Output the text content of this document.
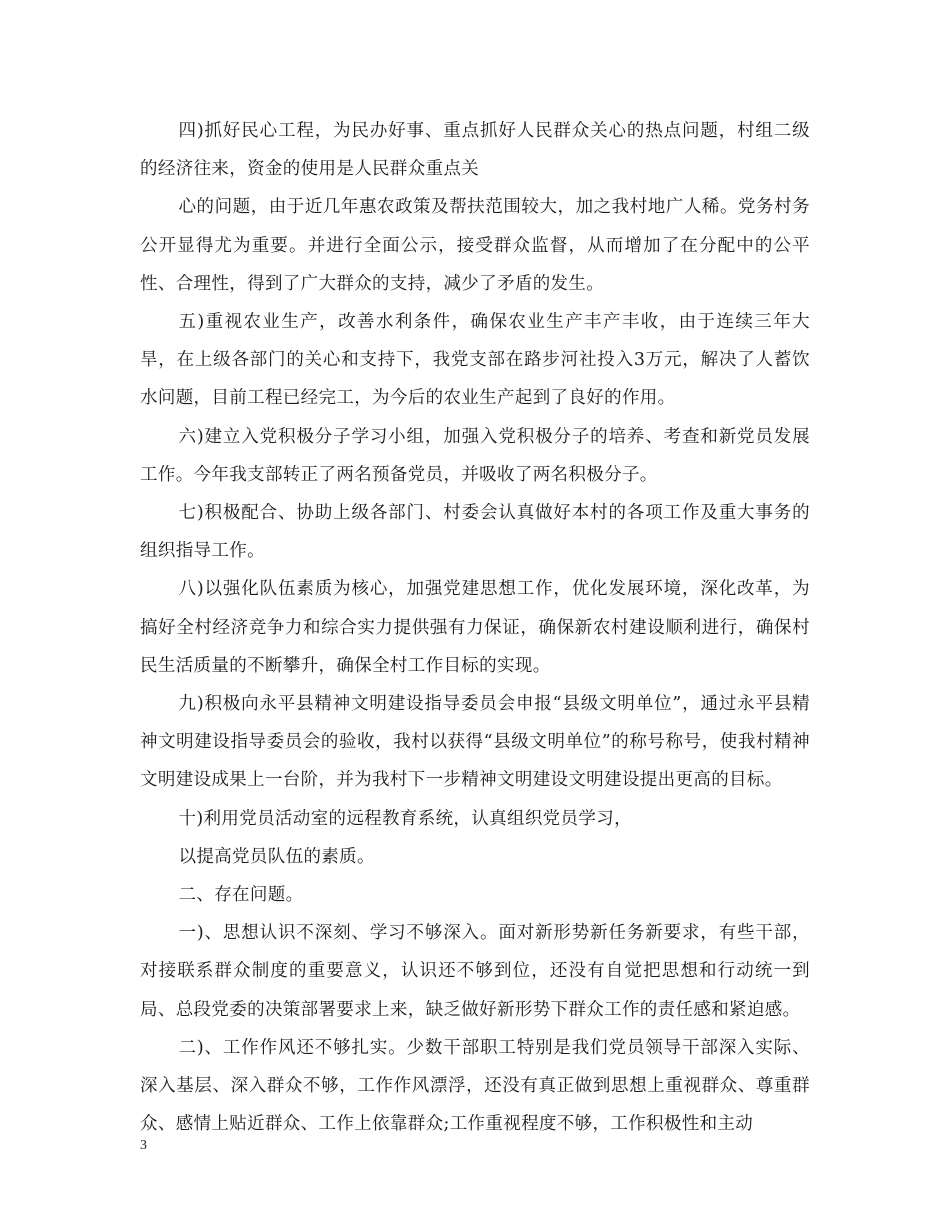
四)抓好民心工程，为民办好事、重点抓好人民群众关心的热点问题，村组二级的经济往来，资金的使用是人民群众重点关

心的问题，由于近几年惠农政策及帮扶范围较大，加之我村地广人稀。党务村务公开显得尤为重要。并进行全面公示，接受群众监督，从而增加了在分配中的公平性、合理性，得到了广大群众的支持，减少了矛盾的发生。

五)重视农业生产，改善水利条件，确保农业生产丰产丰收，由于连续三年大旱，在上级各部门的关心和支持下，我党支部在路步河社投入3万元，解决了人蓄饮水问题，目前工程已经完工，为今后的农业生产起到了良好的作用。

六)建立入党积极分子学习小组，加强入党积极分子的培养、考查和新党员发展工作。今年我支部转正了两名预备党员，并吸收了两名积极分子。

七)积极配合、协助上级各部门、村委会认真做好本村的各项工作及重大事务的组织指导工作。

八)以强化队伍素质为核心，加强党建思想工作，优化发展环境，深化改革，为搞好全村经济竞争力和综合实力提供强有力保证，确保新农村建设顺利进行，确保村民生活质量的不断攀升，确保全村工作目标的实现。

九)积极向永平县精神文明建设指导委员会申报“县级文明单位”，通过永平县精神文明建设指导委员会的验收，我村以获得“县级文明单位”的称号称号，使我村精神文明建设成果上一台阶，并为我村下一步精神文明建设文明建设提出更高的目标。

十)利用党员活动室的远程教育系统，认真组织党员学习，

以提高党员队伍的素质。

二、存在问题。

一)、思想认识不深刻、学习不够深入。面对新形势新任务新要求，有些干部，对接联系群众制度的重要意义，认识还不够到位，还没有自觉把思想和行动统一到局、总段党委的决策部署要求上来，缺乏做好新形势下群众工作的责任感和紧迫感。

二)、工作作风还不够扎实。少数干部职工特别是我们党员领导干部深入实际、深入基层、深入群众不够，工作作风漂浮，还没有真正做到思想上重视群众、尊重群众、感情上贴近群众、工作上依靠群众;工作重视程度不够，工作积极性和主动

3
